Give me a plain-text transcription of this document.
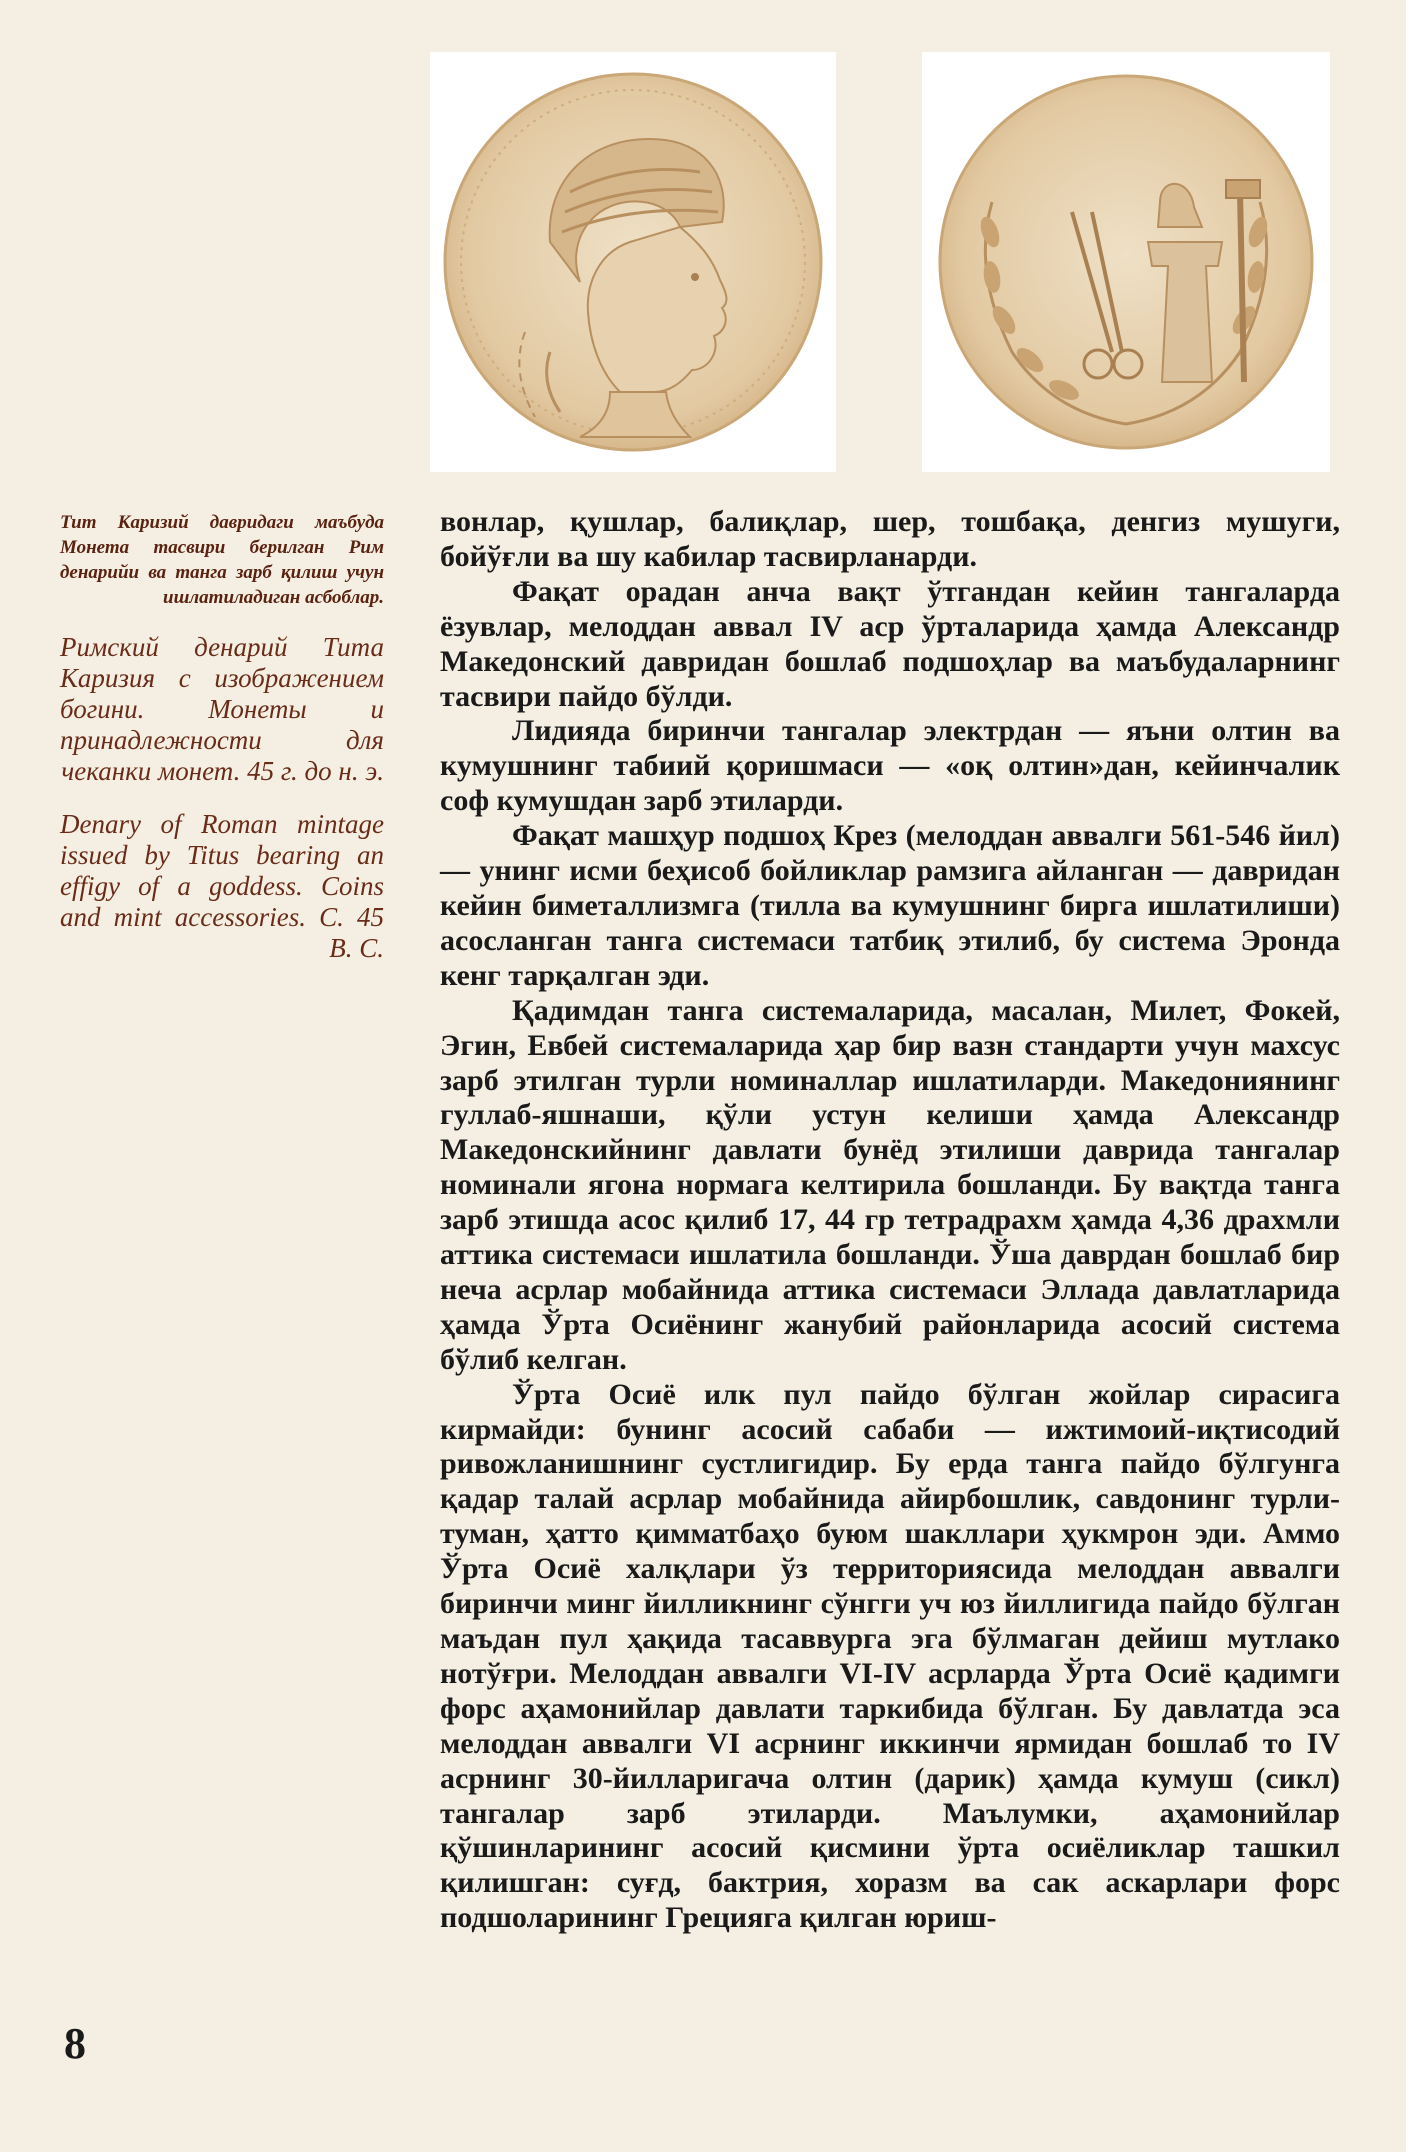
Тит Каризий давридаги маъбуда Монета тасвири берилган Рим денарийи ва танга зарб қилиш учун ишлатиладиган асбоблар.
Римский денарий Тита Каризия с изображением богини. Монеты и принадлежности для чеканки монет. 45 г. до н. э.
Denary of Roman mintage issued by Titus bearing an effigy of a goddess. Coins and mint accessories. C. 45 B. C.

вонлар, қушлар, балиқлар, шер, тошбақа, денгиз мушуги, бойўғли ва шу кабилар тасвирланарди.

Фақат орадан анча вақт ўтгандан кейин тангаларда ёзувлар, мелоддан аввал IV аср ўрталарида ҳамда Александр Македонский давридан бошлаб подшоҳлар ва маъбудаларнинг тасвири пайдо бўлди.

Лидияда биринчи тангалар электрдан — яъни олтин ва кумушнинг табиий қоришмаси — «оқ олтин»дан, кейинчалик соф кумушдан зарб этиларди.

Фақат машҳур подшоҳ Крез (мелоддан аввалги 561-546 йил) — унинг исми беҳисоб бойликлар рамзига айланган — давридан кейин биметаллизмга (тилла ва кумушнинг бирга ишлатилиши) асосланган танга системаси татбиқ этилиб, бу система Эронда кенг тарқалган эди.

Қадимдан танга системаларида, масалан, Милет, Фокей, Эгин, Евбей системаларида ҳар бир вазн стандарти учун махсус зарб этилган турли номиналлар ишлатиларди. Македониянинг гуллаб-яшнаши, қўли устун келиши ҳамда Александр Македонскийнинг давлати бунёд этилиши даврида тангалар номинали ягона нормага келтирила бошланди. Бу вақтда танга зарб этишда асос қилиб 17, 44 гр тетрадрахм ҳамда 4,36 драхмли аттика системаси ишлатила бошланди. Ўша даврдан бошлаб бир неча асрлар мобайнида аттика системаси Эллада давлатларида ҳамда Ўрта Осиёнинг жанубий районларида асосий система бўлиб келган.

Ўрта Осиё илк пул пайдо бўлган жойлар сирасига кирмайди: бунинг асосий сабаби — ижтимоий-иқтисодий ривожланишнинг сустлигидир. Бу ерда танга пайдо бўлгунга қадар талай асрлар мобайнида айирбошлик, савдонинг турли-туман, ҳатто қимматбаҳо буюм шакллари ҳукмрон эди. Аммо Ўрта Осиё халқлари ўз территориясида мелоддан аввалги биринчи минг йилликнинг сўнгги уч юз йиллигида пайдо бўлган маъдан пул ҳақида тасаввурга эга бўлмаган дейиш мутлако нотўғри. Мелоддан аввалги VI-IV асрларда Ўрта Осиё қадимги форс аҳамонийлар давлати таркибида бўлган. Бу давлатда эса мелоддан аввалги VI асрнинг иккинчи ярмидан бошлаб то IV асрнинг 30-йилларигача олтин (дарик) ҳамда кумуш (сикл) тангалар зарб этиларди. Маълумки, аҳамонийлар қўшинларининг асосий қисмини ўрта осиёликлар ташкил қилишган: суғд, бактрия, хоразм ва сак аскарлари форс подшоларининг Грецияга қилган юриш-

8
